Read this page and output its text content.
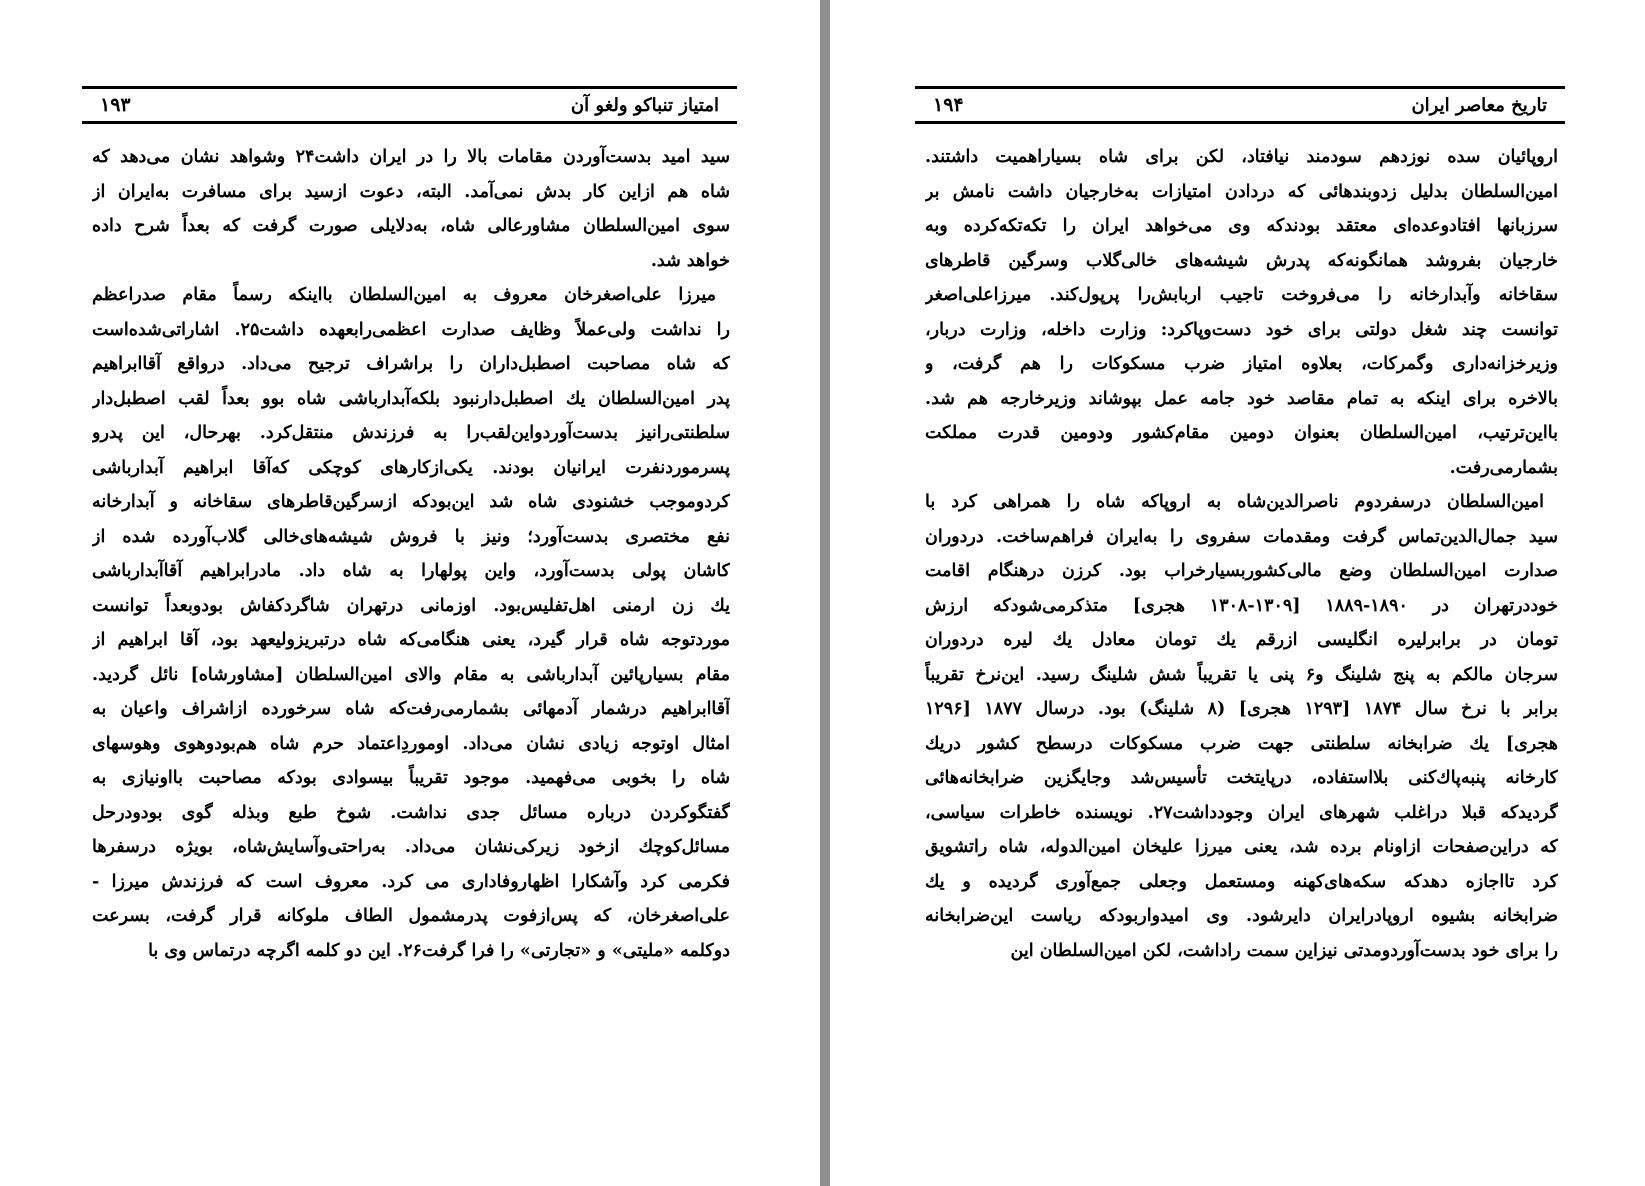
امتیاز تنباکو ولغو آن
۱۹۳
سید امید بدست‌آوردن مقامات بالا را در ایران داشت۲۴ وشواهد نشان می‌دهد که
شاه هم ازاین کار بدش نمی‌آمد. البته، دعوت ازسید برای مسافرت به‌ایران از
سوی امین‌السلطان مشاورعالی شاه، به‌دلایلی صورت گرفت که بعداً شرح داده
خواهد شد.
میرزا علی‌اصغرخان معروف به امین‌السلطان بااینکه رسماً مقام صدراعظم
را نداشت ولی‌عملاً وظایف صدارت اعظمی‌رابعهده داشت۲۵. اشاراتی‌شده‌است
که شاه مصاحبت اصطبل‌داران را براشراف ترجیح می‌داد. درواقع آقاابراهیم
پدر امین‌السلطان یك اصطبل‌دارنبود بلکه‌آبدارباشی شاه بوو بعداً لقب اصطبل‌دار
سلطنتی‌رانیز بدست‌آوردواین‌لقب‌را به فرزندش منتقل‌کرد. بهرحال، این پدرو
پسرموردنفرت ایرانیان بودند. یکی‌ازکارهای کوچکی که‌آقا ابراهیم آبدارباشی
کردوموجب خشنودی شاه شد این‌بودکه ازسرگین‌قاطرهای سقاخانه و آبدارخانه
نفع مختصری بدست‌آورد؛ ونیز با فروش شیشه‌های‌خالی گلاب‌آورده شده از
کاشان پولی بدست‌آورد، واین پولهارا به شاه داد. مادرابراهیم آقاآبدارباشی
یك زن ارمنی اهل‌تفلیس‌بود. اوزمانی درتهران شاگردکفاش بودوبعداً توانست
موردتوجه شاه قرار گیرد، یعنی هنگامی‌که شاه درتبریزولیعهد بود، آقا ابراهیم از
مقام بسیارپائین آبدارباشی به مقام والای امین‌السلطان [مشاورشاه] نائل گردید.
آقاابراهیم درشمار آدمهائی بشمارمی‌رفت‌که شاه سرخورده ازاشراف واعیان به
امثال اوتوجه زیادی نشان می‌داد. اوموردِاعتماد حرم شاه هم‌بودوهوی وهوسهای
شاه را بخوبی می‌فهمید. موجود تقریباً بیسوادی بودکه مصاحبت بااونیازی به
گفتگوکردن درباره مسائل جدی نداشت. شوخ طبع وبذله گوی بودودرحل
مسائل‌کوچك ازخود زیرکی‌نشان می‌داد. به‌راحتی‌وآسایش‌شاه، بویژه درسفرها
فکرمی کرد وآشکارا اظهاروفاداری می کرد. معروف است که فرزندش میرزا -
علی‌اصغرخان، که پس‌ازفوت پدرمشمول الطاف ملوکانه قرار گرفت، بسرعت
دوکلمه «ملیتی» و «تجارتی» را فرا گرفت۲۶. این دو کلمه اگرچه درتماس وی با
تاریخ معاصر ایران
۱۹۴
اروپائیان سده نوزدهم سودمند نیافتاد، لکن برای شاه بسیاراهمیت داشتند.
امین‌السلطان بدلیل زدوبندهائی که دردادن امتیازات به‌خارجیان داشت نامش بر
سرزبانها افتادوعده‌ای معتقد بودندکه وی می‌خواهد ایران را تکه‌تکه‌کرده وبه
خارجیان بفروشد همانگونه‌که پدرش شیشه‌های خالی‌گلاب وسرگین قاطرهای
سقاخانه وآبدارخانه را می‌فروخت تاجیب اربابش‌را پرپول‌کند. میرزاعلی‌اصغر
توانست چند شغل دولتی برای خود دست‌وپاکرد: وزارت داخله، وزارت دربار،
وزیرخزانه‌داری وگمرکات، بعلاوه امتیاز ضرب مسکوکات را هم گرفت، و
بالاخره برای اینکه به تمام مقاصد خود جامه عمل بپوشاند وزیرخارجه هم شد.
بااین‌ترتیب، امین‌السلطان بعنوان دومین مقام‌کشور ودومین قدرت مملکت
بشمارمی‌رفت.
امین‌السلطان درسفردوم ناصرالدین‌شاه به اروپاکه شاه را همراهی کرد با
سید جمال‌الدین‌تماس گرفت ومقدمات سفروی را به‌ایران فراهم‌ساخت. دردوران
صدارت امین‌السلطان وضع مالی‌کشوربسیارخراب بود. کرزن درهنگام اقامت
خوددرتهران در ۱۸۹۰-۱۸۸۹ [۱۳۰۹-۱۳۰۸ هجری] متذکرمی‌شودکه ارزش
تومان در برابرلیره انگلیسی ازرقم یك تومان معادل یك لیره دردوران
سرجان مالکم به پنج شلینگ و۶ پنی یا تقریباً شش شلینگ رسید. این‌نرخ تقریباً
برابر با نرخ سال ۱۸۷۴ [۱۲۹۳ هجری] (۸ شلینگ) بود. درسال ۱۸۷۷ [۱۲۹۶
هجری] یك ضرابخانه سلطنتی جهت ضرب مسکوکات درسطح کشور دریك
کارخانه پنبه‌پاك‌کنی بلااستفاده، درپایتخت تأسیس‌شد وجایگزین ضرابخانه‌هائی
گردیدکه قبلا دراغلب شهرهای ایران وجودداشت۲۷. نویسنده خاطرات سیاسی،
که دراین‌صفحات ازاونام برده شد، یعنی میرزا علیخان امین‌الدوله، شاه راتشویق
کرد تااجازه دهدکه سکه‌های‌کهنه ومستعمل وجعلی جمع‌آوری گردیده و یك
ضرابخانه بشیوه اروپادرایران دایرشود. وی امیدواربودکه ریاست این‌ضرابخانه
را برای خود بدست‌آوردومدتی نیزاین سمت راداشت، لکن امین‌السلطان این
